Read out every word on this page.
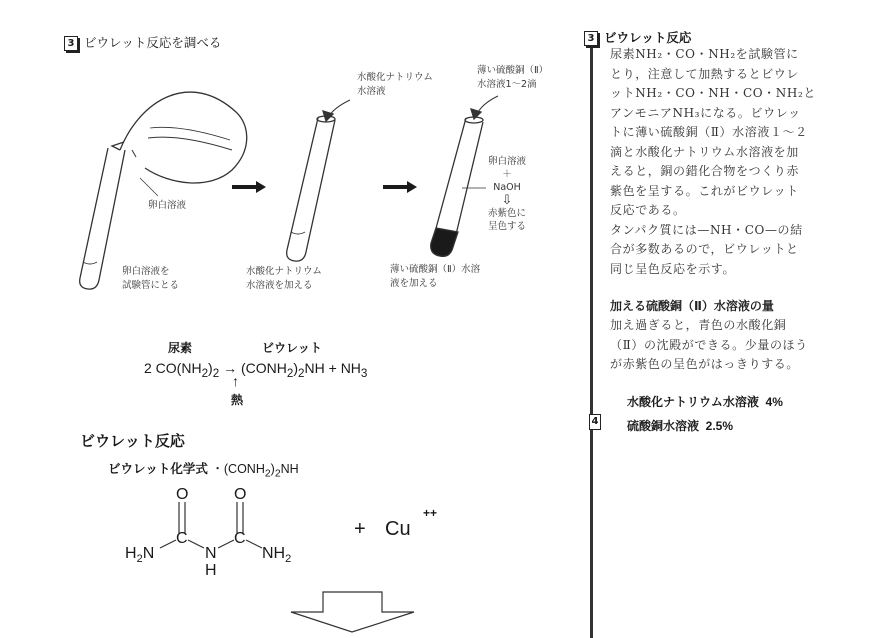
3 ビウレット反応を調べる
卵白溶液
卵白溶液を
試験管にとる
水酸化ナトリウム
水溶液
水酸化ナトリウム
水溶液を加える
薄い硫酸銅（Ⅱ）
水溶液1～2滴
卵白溶液
＋
NaOH
⇩
赤紫色に
呈色する
薄い硫酸銅（Ⅱ）水溶
液を加える
尿素	ビウレット
2 $CO(NH_2)_2$ → $(CONH_2)_2NH + NH_3$
↑
熱
ビウレット反応
ビウレット化学式 ・$(CONH_2)_2NH$
O	O
C	C
N
H
$H_2N$	$NH_2$
+ Cu
++
3 ビウレット反応
尿素NH₂・CO・NH₂を試験管に
とり，注意して加熱するとビウレ
ットNH₂・CO・NH・CO・NH₂と
アンモニアNH₃になる。ビウレッ
トに薄い硫酸銅（Ⅱ）水溶液１～２
滴と水酸化ナトリウム水溶液を加
えると，銅の錯化合物をつくり赤
紫色を呈する。これがビウレット
反応である。
タンパク質には—NH・CO—の結
合が多数あるので，ビウレットと
同じ呈色反応を示す。
加える硫酸銅（Ⅱ）水溶液の量
加え過ぎると，青色の水酸化銅
（Ⅱ）の沈殿ができる。少量のほう
が赤紫色の呈色がはっきりする。
水酸化ナトリウム水溶液  4%
硫酸銅水溶液  2.5%
4
